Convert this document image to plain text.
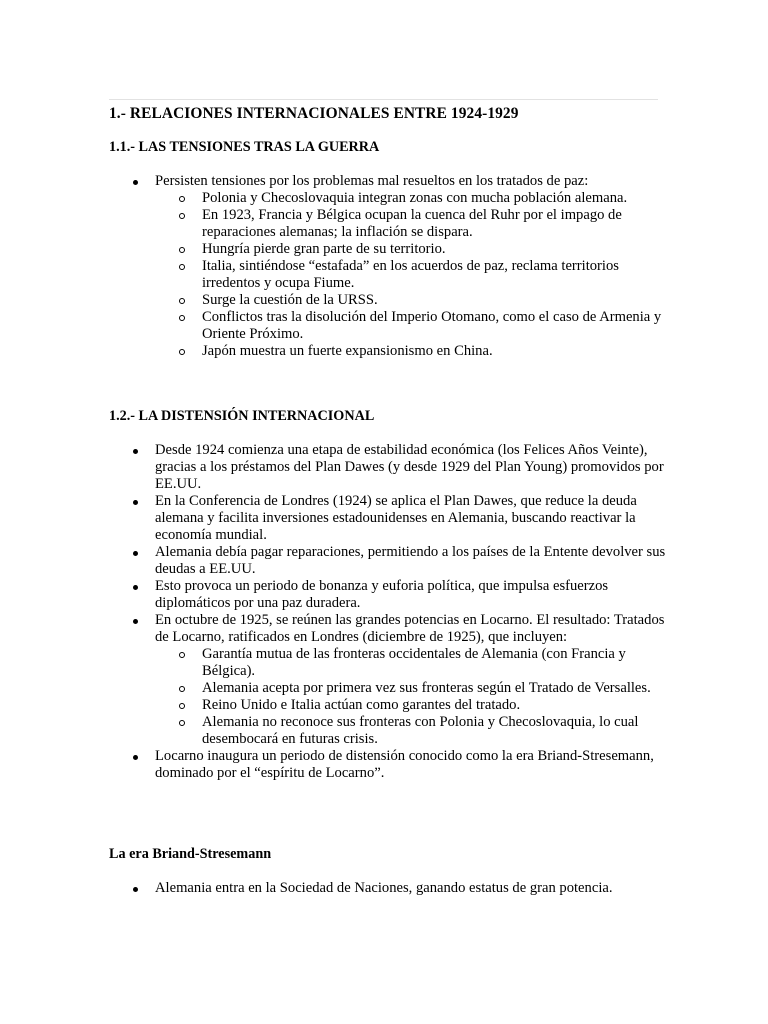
1.- RELACIONES INTERNACIONALES ENTRE 1924-1929
1.1.- LAS TENSIONES TRAS LA GUERRA
Persisten tensiones por los problemas mal resueltos en los tratados de paz:
Polonia y Checoslovaquia integran zonas con mucha población alemana.
En 1923, Francia y Bélgica ocupan la cuenca del Ruhr por el impago de reparaciones alemanas; la inflación se dispara.
Hungría pierde gran parte de su territorio.
Italia, sintiéndose “estafada” en los acuerdos de paz, reclama territorios irredentos y ocupa Fiume.
Surge la cuestión de la URSS.
Conflictos tras la disolución del Imperio Otomano, como el caso de Armenia y Oriente Próximo.
Japón muestra un fuerte expansionismo en China.
1.2.- LA DISTENSIÓN INTERNACIONAL
Desde 1924 comienza una etapa de estabilidad económica (los Felices Años Veinte), gracias a los préstamos del Plan Dawes (y desde 1929 del Plan Young) promovidos por EE.UU.
En la Conferencia de Londres (1924) se aplica el Plan Dawes, que reduce la deuda alemana y facilita inversiones estadounidenses en Alemania, buscando reactivar la economía mundial.
Alemania debía pagar reparaciones, permitiendo a los países de la Entente devolver sus deudas a EE.UU.
Esto provoca un periodo de bonanza y euforia política, que impulsa esfuerzos diplomáticos por una paz duradera.
En octubre de 1925, se reúnen las grandes potencias en Locarno. El resultado: Tratados de Locarno, ratificados en Londres (diciembre de 1925), que incluyen:
Garantía mutua de las fronteras occidentales de Alemania (con Francia y Bélgica).
Alemania acepta por primera vez sus fronteras según el Tratado de Versalles.
Reino Unido e Italia actúan como garantes del tratado.
Alemania no reconoce sus fronteras con Polonia y Checoslovaquia, lo cual desembocará en futuras crisis.
Locarno inaugura un periodo de distensión conocido como la era Briand-Stresemann, dominado por el “espíritu de Locarno”.
La era Briand-Stresemann
Alemania entra en la Sociedad de Naciones, ganando estatus de gran potencia.
